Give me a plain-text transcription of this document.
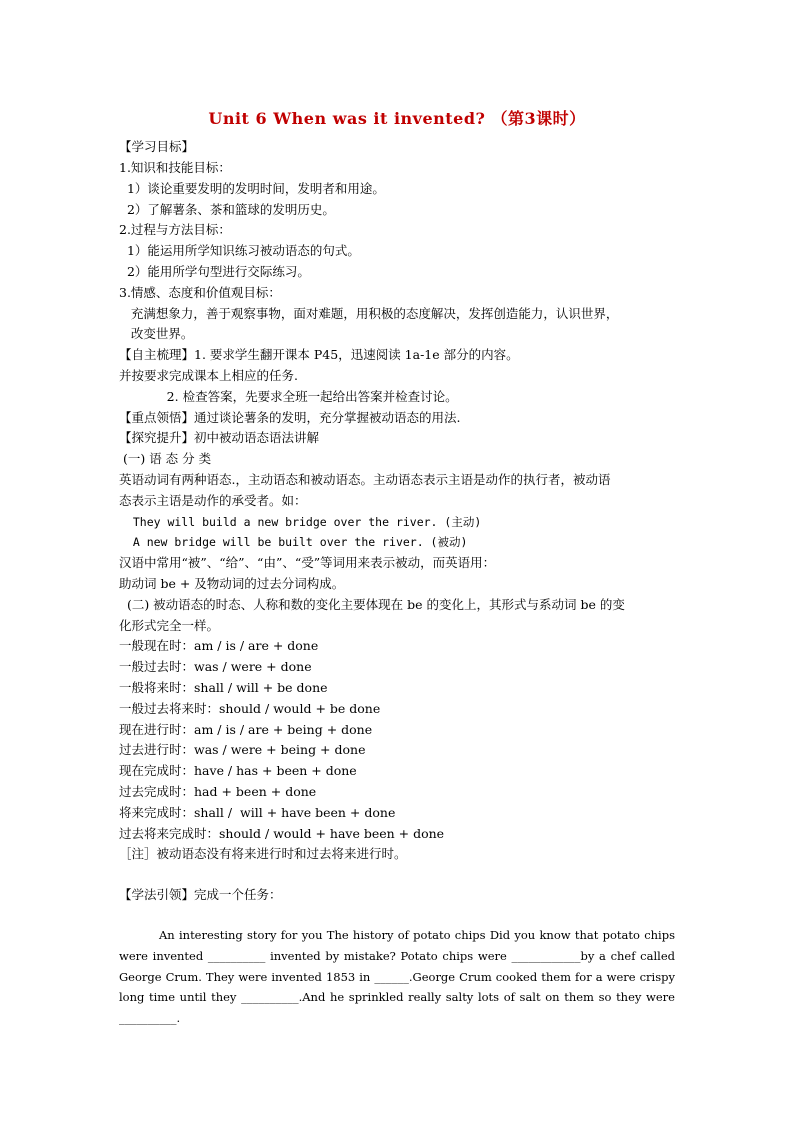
Unit 6 When was it invented? （第3课时）
【学习目标】
1.知识和技能目标：
1）谈论重要发明的发明时间，发明者和用途。
2）了解薯条、茶和篮球的发明历史。
2.过程与方法目标：
1）能运用所学知识练习被动语态的句式。
2）能用所学句型进行交际练习。
3.情感、态度和价值观目标：
充满想象力，善于观察事物，面对难题，用积极的态度解决，发挥创造能力，认识世界，
改变世界。
【自主梳理】1. 要求学生翻开课本 P45，迅速阅读 1a-1e 部分的内容。
并按要求完成课本上相应的任务.
2. 检查答案，先要求全班一起给出答案并检查讨论。
【重点领悟】通过谈论薯条的发明，充分掌握被动语态的用法.
【探究提升】初中被动语态语法讲解
(一) 语 态 分 类
英语动词有两种语态.，主动语态和被动语态。主动语态表示主语是动作的执行者，被动语
态表示主语是动作的承受者。如：
They will build a new bridge over the river. (主动)
A new bridge will be built over the river. (被动)
汉语中常用“被”、“给”、“由”、“受”等词用来表示被动，而英语用：
助动词 be + 及物动词的过去分词构成。
(二) 被动语态的时态、人称和数的变化主要体现在 be 的变化上，其形式与系动词 be 的变
化形式完全一样。
一般现在时：am / is / are + done
一般过去时：was / were + done
一般将来时：shall / will + be done
一般过去将来时：should / would + be done
现在进行时：am / is / are + being + done
过去进行时：was / were + being + done
现在完成时：have / has + been + done
过去完成时：had + been + done
将来完成时：shall /  will + have been + done
过去将来完成时：should / would + have been + done
［注］被动语态没有将来进行时和过去将来进行时。
【学法引领】完成一个任务：
An interesting story for you The history of potato chips Did you know that potato chips were invented __________ invented by mistake? Potato chips were ____________by a chef called George Crum. They were invented 1853 in ______.George Crum cooked them for a were crispy long time until they __________.And he sprinkled really salty lots of salt on them so they were __________.
